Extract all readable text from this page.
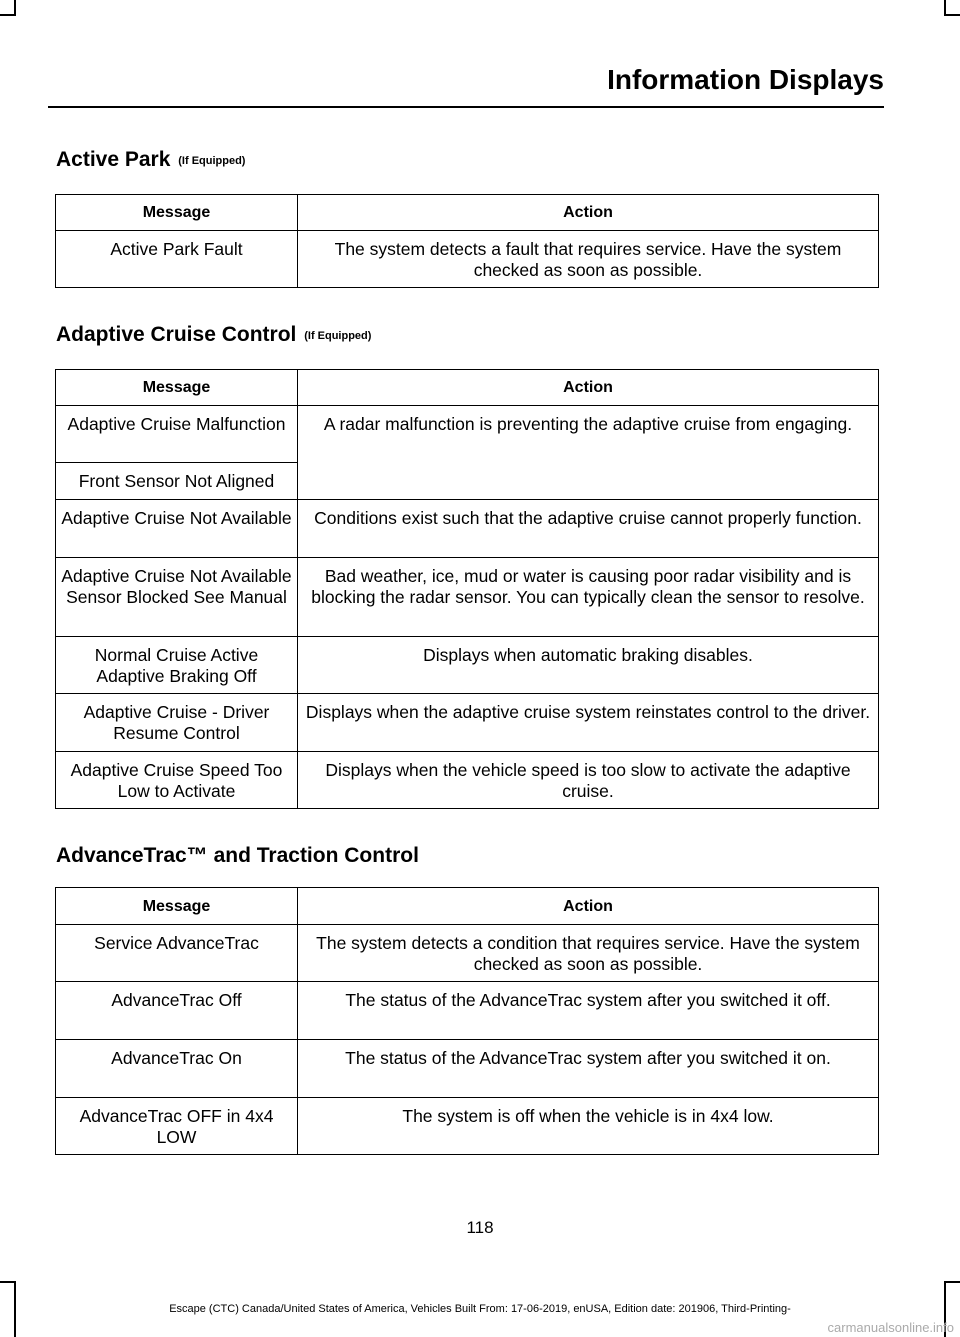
Information Displays
Active Park (If Equipped)
Message	Action
Active Park Fault	The system detects a fault that requires service. Have the system checked as soon as possible.
Adaptive Cruise Control (If Equipped)
Message	Action
Adaptive Cruise Malfunction	A radar malfunction is preventing the adaptive cruise from engaging.
Front Sensor Not Aligned	
Adaptive Cruise Not Available	Conditions exist such that the adaptive cruise cannot properly function.
Adaptive Cruise Not Available Sensor Blocked See Manual	Bad weather, ice, mud or water is causing poor radar visibility and is blocking the radar sensor. You can typically clean the sensor to resolve.
Normal Cruise Active Adaptive Braking Off	Displays when automatic braking disables.
Adaptive Cruise - Driver Resume Control	Displays when the adaptive cruise system reinstates control to the driver.
Adaptive Cruise Speed Too Low to Activate	Displays when the vehicle speed is too slow to activate the adaptive cruise.
AdvanceTrac™ and Traction Control
Message	Action
Service AdvanceTrac	The system detects a condition that requires service. Have the system checked as soon as possible.
AdvanceTrac Off	The status of the AdvanceTrac system after you switched it off.
AdvanceTrac On	The status of the AdvanceTrac system after you switched it on.
AdvanceTrac OFF in 4x4 LOW	The system is off when the vehicle is in 4x4 low.
118
Escape (CTC) Canada/United States of America, Vehicles Built From: 17-06-2019, enUSA, Edition date: 201906, Third-Printing-
carmanualsonline.info
